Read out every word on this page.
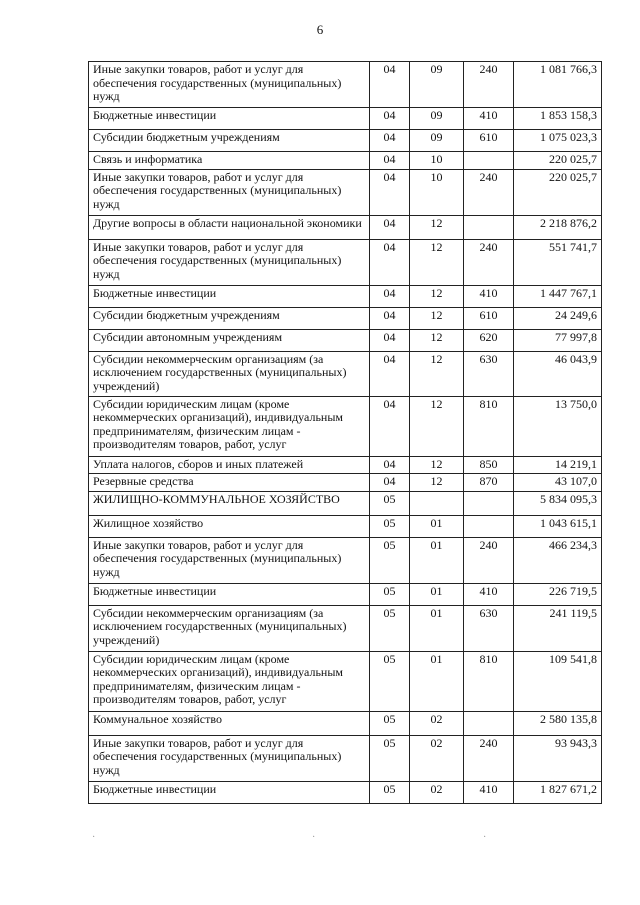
6
Иные закупки товаров, работ и услуг для обеспечения государственных (муниципальных) нужд	04	09	240	1 081 766,3
Бюджетные инвестиции	04	09	410	1 853 158,3
Субсидии бюджетным учреждениям	04	09	610	1 075 023,3
Связь и информатика	04	10		220 025,7
Иные закупки товаров, работ и услуг для обеспечения государственных (муниципальных) нужд	04	10	240	220 025,7
Другие вопросы в области национальной экономики	04	12		2 218 876,2
Иные закупки товаров, работ и услуг для обеспечения государственных (муниципальных) нужд	04	12	240	551 741,7
Бюджетные инвестиции	04	12	410	1 447 767,1
Субсидии бюджетным учреждениям	04	12	610	24 249,6
Субсидии автономным учреждениям	04	12	620	77 997,8
Субсидии некоммерческим организациям (за исключением государственных (муниципальных) учреждений)	04	12	630	46 043,9
Субсидии юридическим лицам (кроме некоммерческих организаций), индивидуальным предпринимателям, физическим лицам - производителям товаров, работ, услуг	04	12	810	13 750,0
Уплата налогов, сборов и иных платежей	04	12	850	14 219,1
Резервные средства	04	12	870	43 107,0
ЖИЛИЩНО-КОММУНАЛЬНОЕ ХОЗЯЙСТВО	05			5 834 095,3
Жилищное хозяйство	05	01		1 043 615,1
Иные закупки товаров, работ и услуг для обеспечения государственных (муниципальных) нужд	05	01	240	466 234,3
Бюджетные инвестиции	05	01	410	226 719,5
Субсидии некоммерческим организациям (за исключением государственных (муниципальных) учреждений)	05	01	630	241 119,5
Субсидии юридическим лицам (кроме некоммерческих организаций), индивидуальным предпринимателям, физическим лицам - производителям товаров, работ, услуг	05	01	810	109 541,8
Коммунальное хозяйство	05	02		2 580 135,8
Иные закупки товаров, работ и услуг для обеспечения государственных (муниципальных) нужд	05	02	240	93 943,3
Бюджетные инвестиции	05	02	410	1 827 671,2
·	·	·
